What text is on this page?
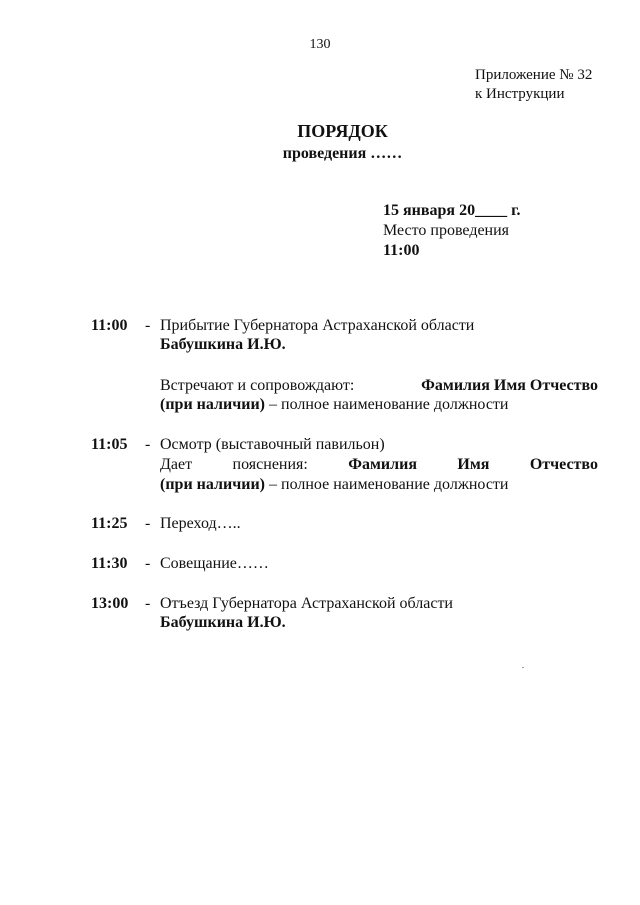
130
Приложение № 32
к Инструкции
ПОРЯДОК
проведения ……
15 января 20____ г.
Место проведения
11:00
11:00 - Прибытие Губернатора Астраханской области
Бабушкина И.Ю.
Встречают и сопровождают:	Фамилия Имя Отчество
(при наличии) – полное наименование должности
11:05 - Осмотр (выставочный павильон)
Дает	пояснения:	Фамилия	Имя	Отчество
(при наличии) – полное наименование должности
11:25 - Переход…..
11:30 - Совещание……
13:00 - Отъезд Губернатора Астраханской области
Бабушкина И.Ю.
